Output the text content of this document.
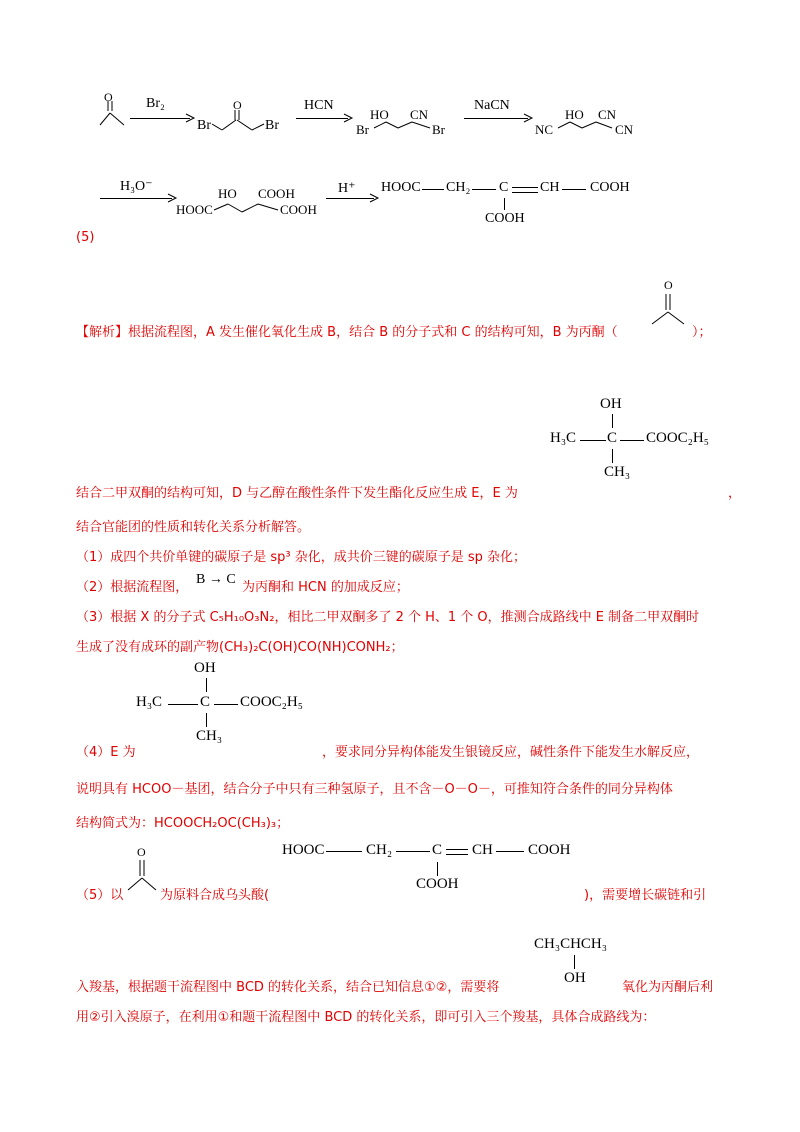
O Br₂
Br
O
Br
HCN
HO CN
Br	Br
NaCN
HO CN
NC	CN
H₃O⁻	HO COOH
HOOC	COOH
H⁺ HOOC CH₂ C CH COOH
COOH
(5)
【解析】根据流程图，A 发生催化氧化生成 B，结合 B 的分子式和 C 的结构可知，B 为丙酮（
O
）；
OH
H₃C C COOC₂H₅
CH₃
结合二甲双酮的结构可知，D 与乙醇在酸性条件下发生酯化反应生成 E，E 为	，
结合官能团的性质和转化关系分析解答。
（1）成四个共价单键的碳原子是 sp³ 杂化，成共价三键的碳原子是 sp 杂化；
（2）根据流程图，
B → C
为丙酮和 HCN 的加成反应；
（3）根据 X 的分子式 C₅H₁₀O₃N₂，相比二甲双酮多了 2 个 H、1 个 O，推测合成路线中 E 制备二甲双酮时
生成了没有成环的副产物(CH₃)₂C(OH)CO(NH)CONH₂；
OH
H₃C	C COOC₂H₅
CH₃
（4）E 为	，要求同分异构体能发生银镜反应，碱性条件下能发生水解反应，
说明具有 HCOO－基团，结合分子中只有三种氢原子，且不含－O－O－，可推知符合条件的同分异构体
结构简式为：HCOOCH₂OC(CH₃)₃；
HOOC	CH₂	C CH COOH
COOH
（5）以
O
为原料合成乌头酸(	)，需要增长碳链和引
CH₃CHCH₃
OH
入羧基，根据题干流程图中 BCD 的转化关系，结合已知信息①②，需要将	氧化为丙酮后利
用②引入溴原子，在利用①和题干流程图中 BCD 的转化关系，即可引入三个羧基，具体合成路线为：
